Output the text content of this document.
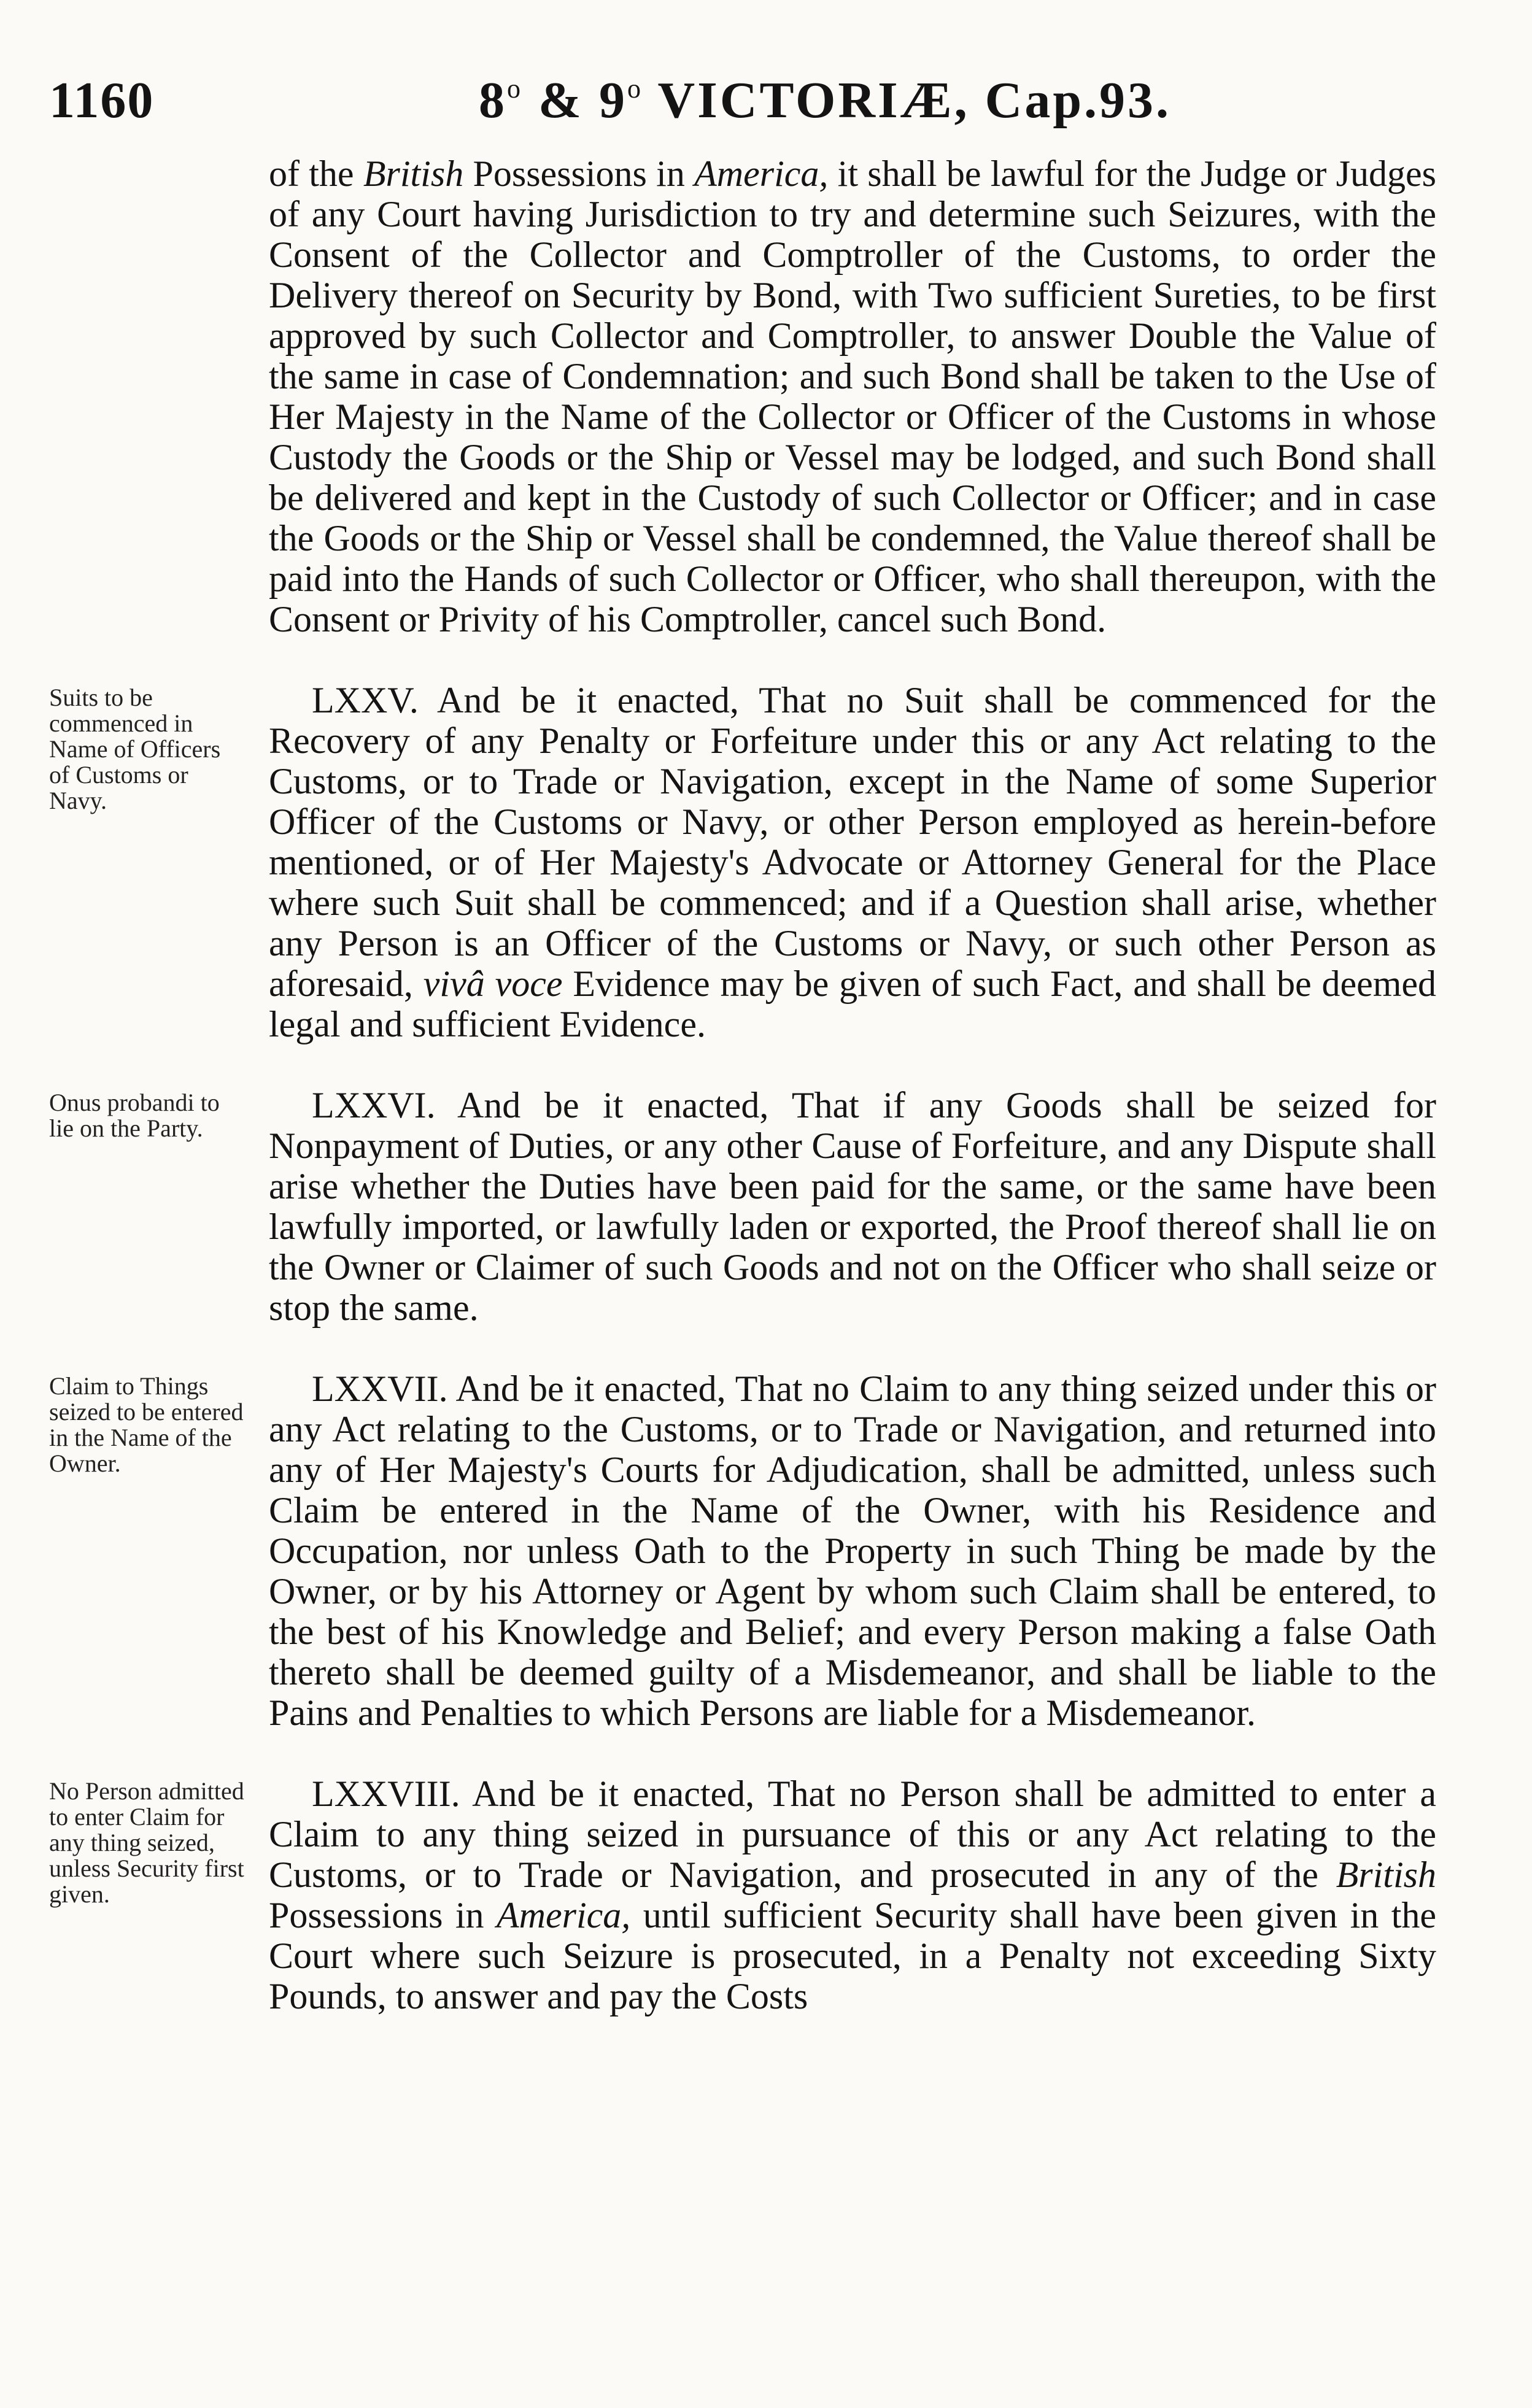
1160	8$^o$ & 9$^o$ VICTORIÆ, Cap.93.

of the British Possessions in America, it shall be lawful for the Judge or Judges of any Court having Jurisdiction to try and determine such Seizures, with the Consent of the Collector and Comptroller of the Customs, to order the Delivery thereof on Security by Bond, with Two sufficient Sureties, to be first approved by such Collector and Comptroller, to answer Double the Value of the same in case of Condemnation; and such Bond shall be taken to the Use of Her Majesty in the Name of the Collector or Officer of the Customs in whose Custody the Goods or the Ship or Vessel may be lodged, and such Bond shall be delivered and kept in the Custody of such Collector or Officer; and in case the Goods or the Ship or Vessel shall be condemned, the Value thereof shall be paid into the Hands of such Collector or Officer, who shall thereupon, with the Consent or Privity of his Comptroller, cancel such Bond.

Suits to be commenced in Name of Officers of Customs or Navy.

LXXV. And be it enacted, That no Suit shall be commenced for the Recovery of any Penalty or Forfeiture under this or any Act relating to the Customs, or to Trade or Navigation, except in the Name of some Superior Officer of the Customs or Navy, or other Person employed as herein-before mentioned, or of Her Majesty's Advocate or Attorney General for the Place where such Suit shall be commenced; and if a Question shall arise, whether any Person is an Officer of the Customs or Navy, or such other Person as aforesaid, vivâ voce Evidence may be given of such Fact, and shall be deemed legal and sufficient Evidence.

Onus probandi to lie on the Party.

LXXVI. And be it enacted, That if any Goods shall be seized for Nonpayment of Duties, or any other Cause of Forfeiture, and any Dispute shall arise whether the Duties have been paid for the same, or the same have been lawfully imported, or lawfully laden or exported, the Proof thereof shall lie on the Owner or Claimer of such Goods and not on the Officer who shall seize or stop the same.

Claim to Things seized to be entered in the Name of the Owner.

LXXVII. And be it enacted, That no Claim to any thing seized under this or any Act relating to the Customs, or to Trade or Navigation, and returned into any of Her Majesty's Courts for Adjudication, shall be admitted, unless such Claim be entered in the Name of the Owner, with his Residence and Occupation, nor unless Oath to the Property in such Thing be made by the Owner, or by his Attorney or Agent by whom such Claim shall be entered, to the best of his Knowledge and Belief; and every Person making a false Oath thereto shall be deemed guilty of a Misdemeanor, and shall be liable to the Pains and Penalties to which Persons are liable for a Misdemeanor.

No Person admitted to enter Claim for any thing seized, unless Security first given.

LXXVIII. And be it enacted, That no Person shall be admitted to enter a Claim to any thing seized in pursuance of this or any Act relating to the Customs, or to Trade or Navigation, and prosecuted in any of the British Possessions in America, until sufficient Security shall have been given in the Court where such Seizure is prosecuted, in a Penalty not exceeding Sixty Pounds, to answer and pay the Costs
